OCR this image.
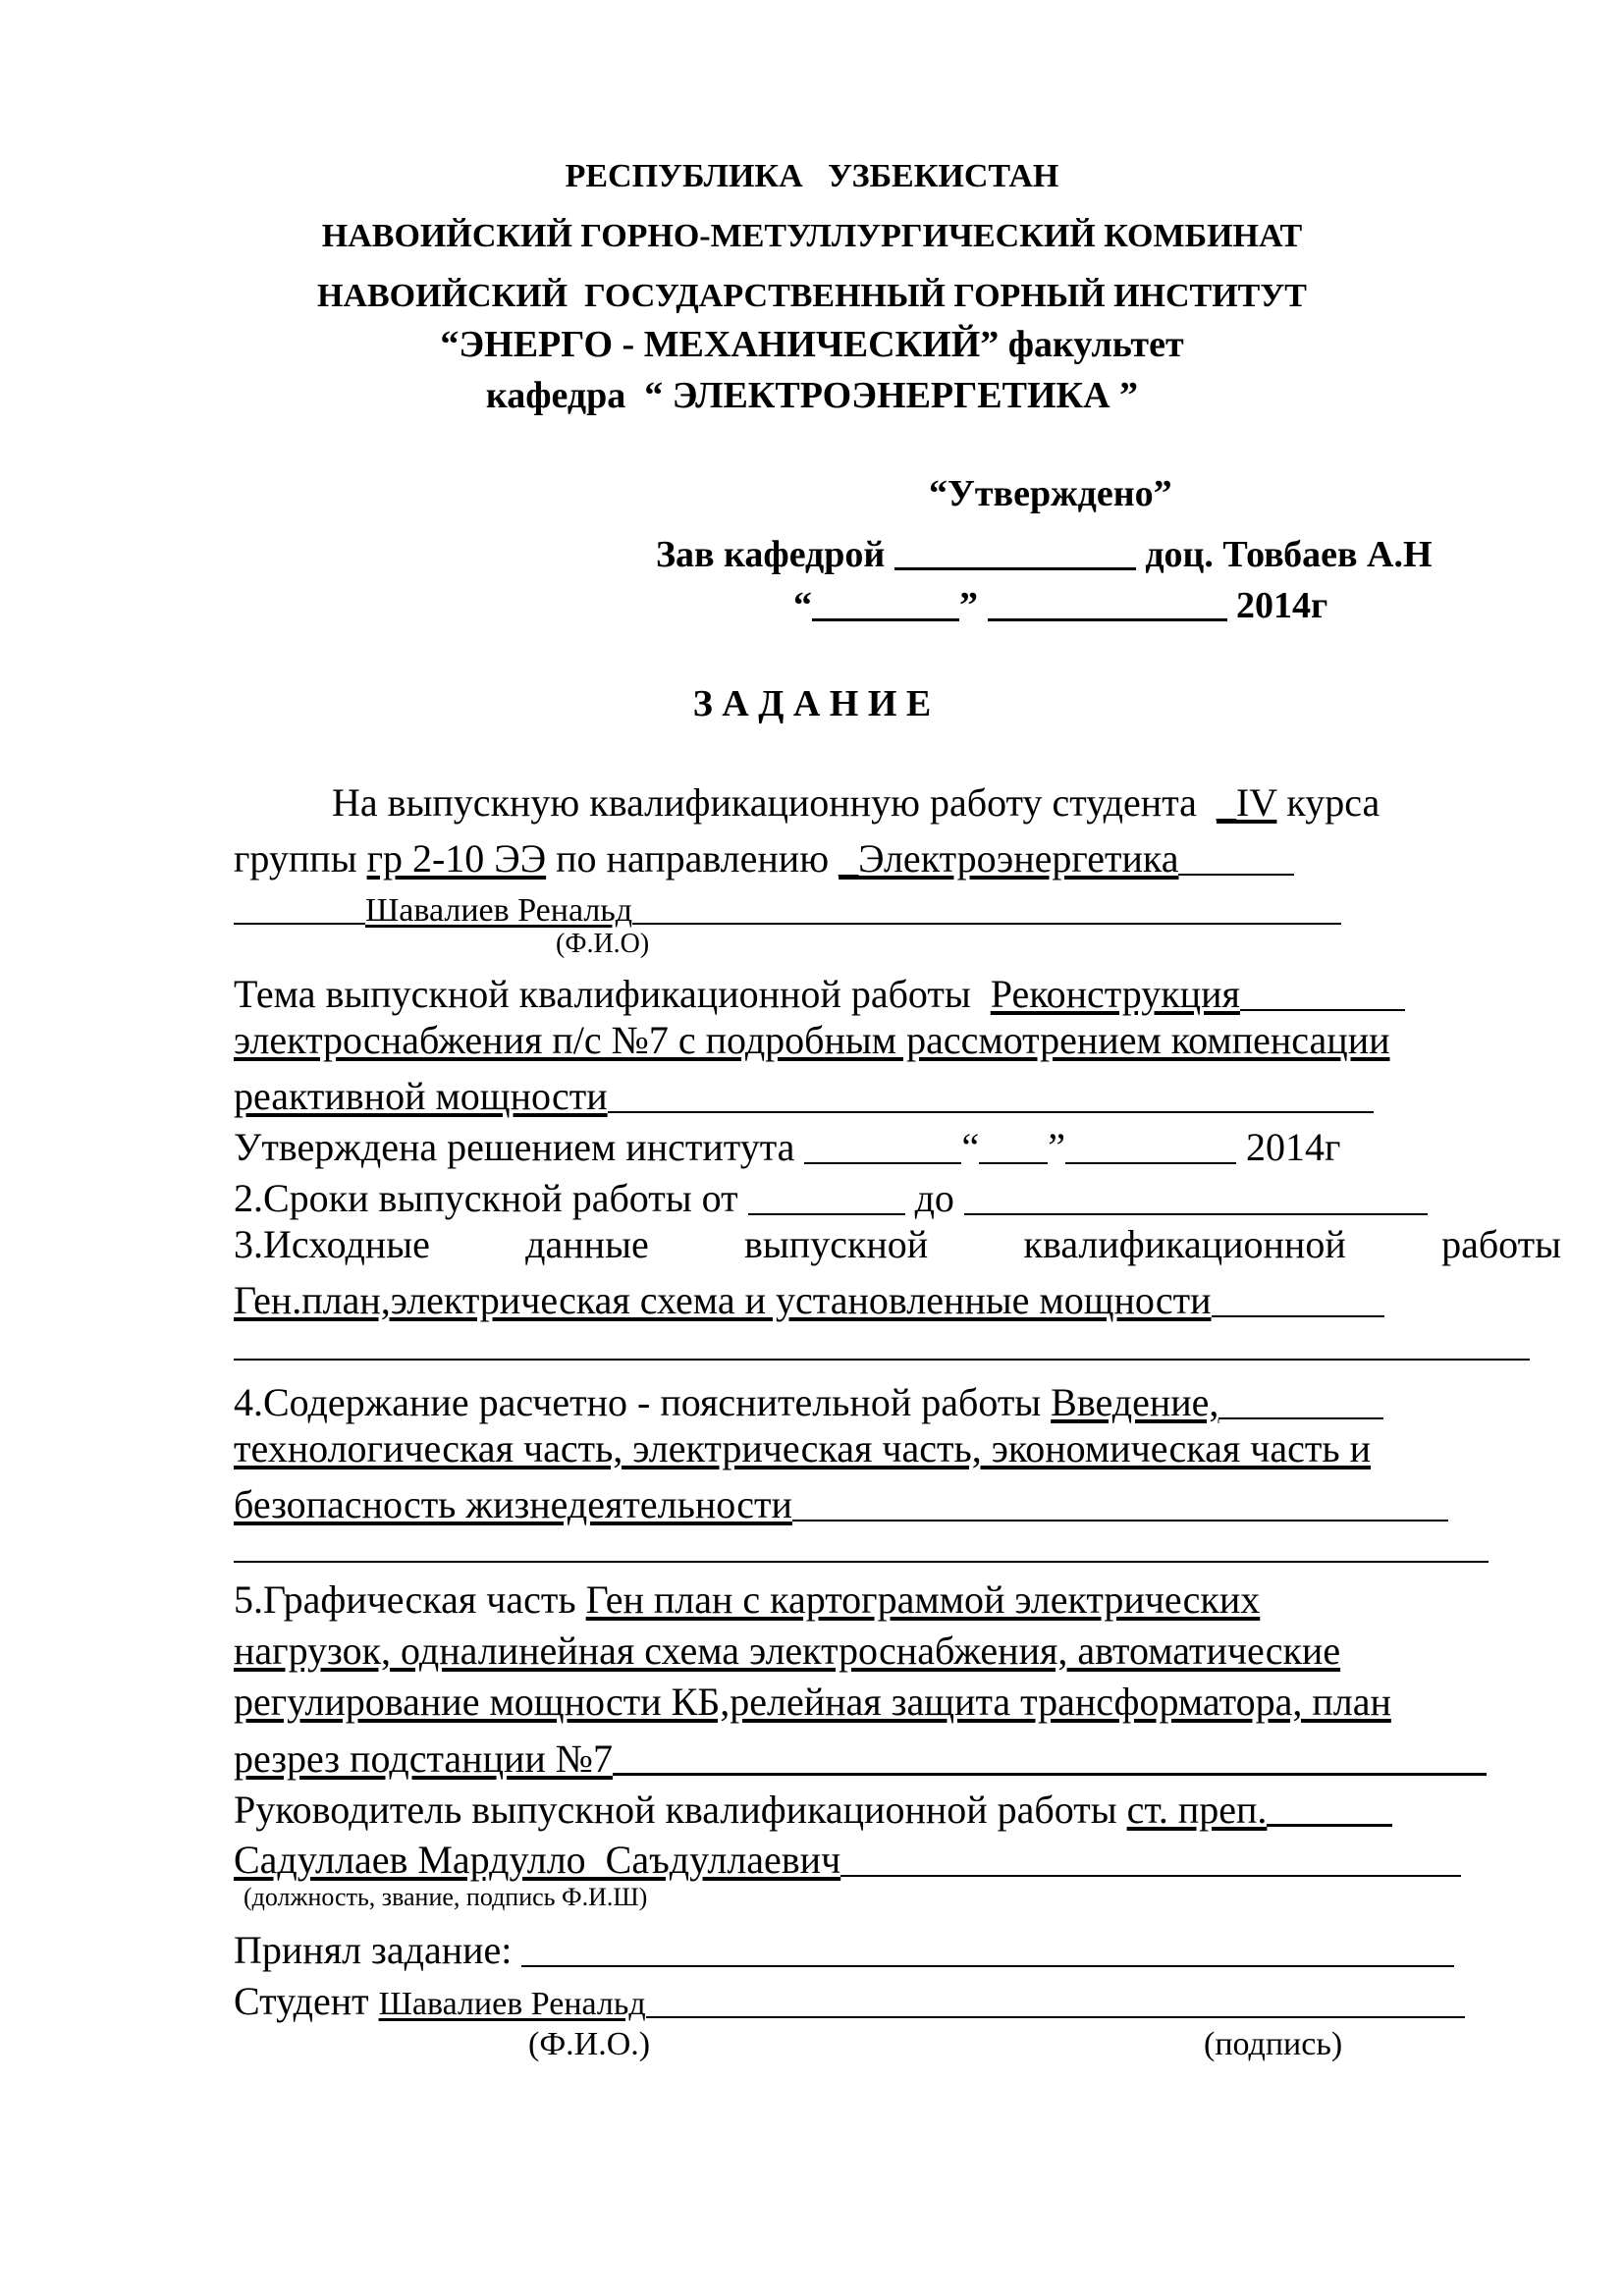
РЕСПУБЛИКА   УЗБЕКИСТАН
НАВОИЙСКИЙ ГОРНО-МЕТУЛЛУРГИЧЕСКИЙ КОМБИНАТ
НАВОИЙСКИЙ  ГОСУДАРСТВЕННЫЙ ГОРНЫЙ ИНСТИТУТ
“ЭНЕРГО - МЕХАНИЧЕСКИЙ” факультет
кафедра  “ ЭЛЕКТРОЭНЕРГЕТИКА ”
“Утверждено”
Зав кафедрой	доц. Товбаев А.Н
“	”	2014г
З А Д А Н И Е
На выпускную квалификационную работу студента _IV курса
группы гр 2-10 ЭЭ по направлению _Электроэнергетика
Шавалиев Ренальд
(Ф.И.О)
Тема выпускной квалификационной работы Реконструкция
электроснабжения п/с №7 с подробным рассмотрением компенсации
реактивной мощности
Утверждена решением института	“ ”	2014г
2.Сроки выпускной работы от	до
3.Исходные данные выпускной квалификационной работы
Ген.план,электрическая схема и установленные мощности
4.Содержание расчетно - пояснительной работы Введение,
технологическая часть, электрическая часть, экономическая часть и
безопасность жизнедеятельности
5.Графическая часть Ген план с картограммой электрических
нагрузок, одналинейная схема электроснабжения, автоматические
регулирование мощности КБ,релейная защита трансформатора, план
резрез подстанции №7
Руководитель выпускной квалификационной работы ст. преп.
Садуллаев Мардулло  Саъдуллаевич
(должность, звание, подпись Ф.И.Ш)
Принял задание:
Студент Шавалиев Ренальд
(Ф.И.О.)	(подпись)
